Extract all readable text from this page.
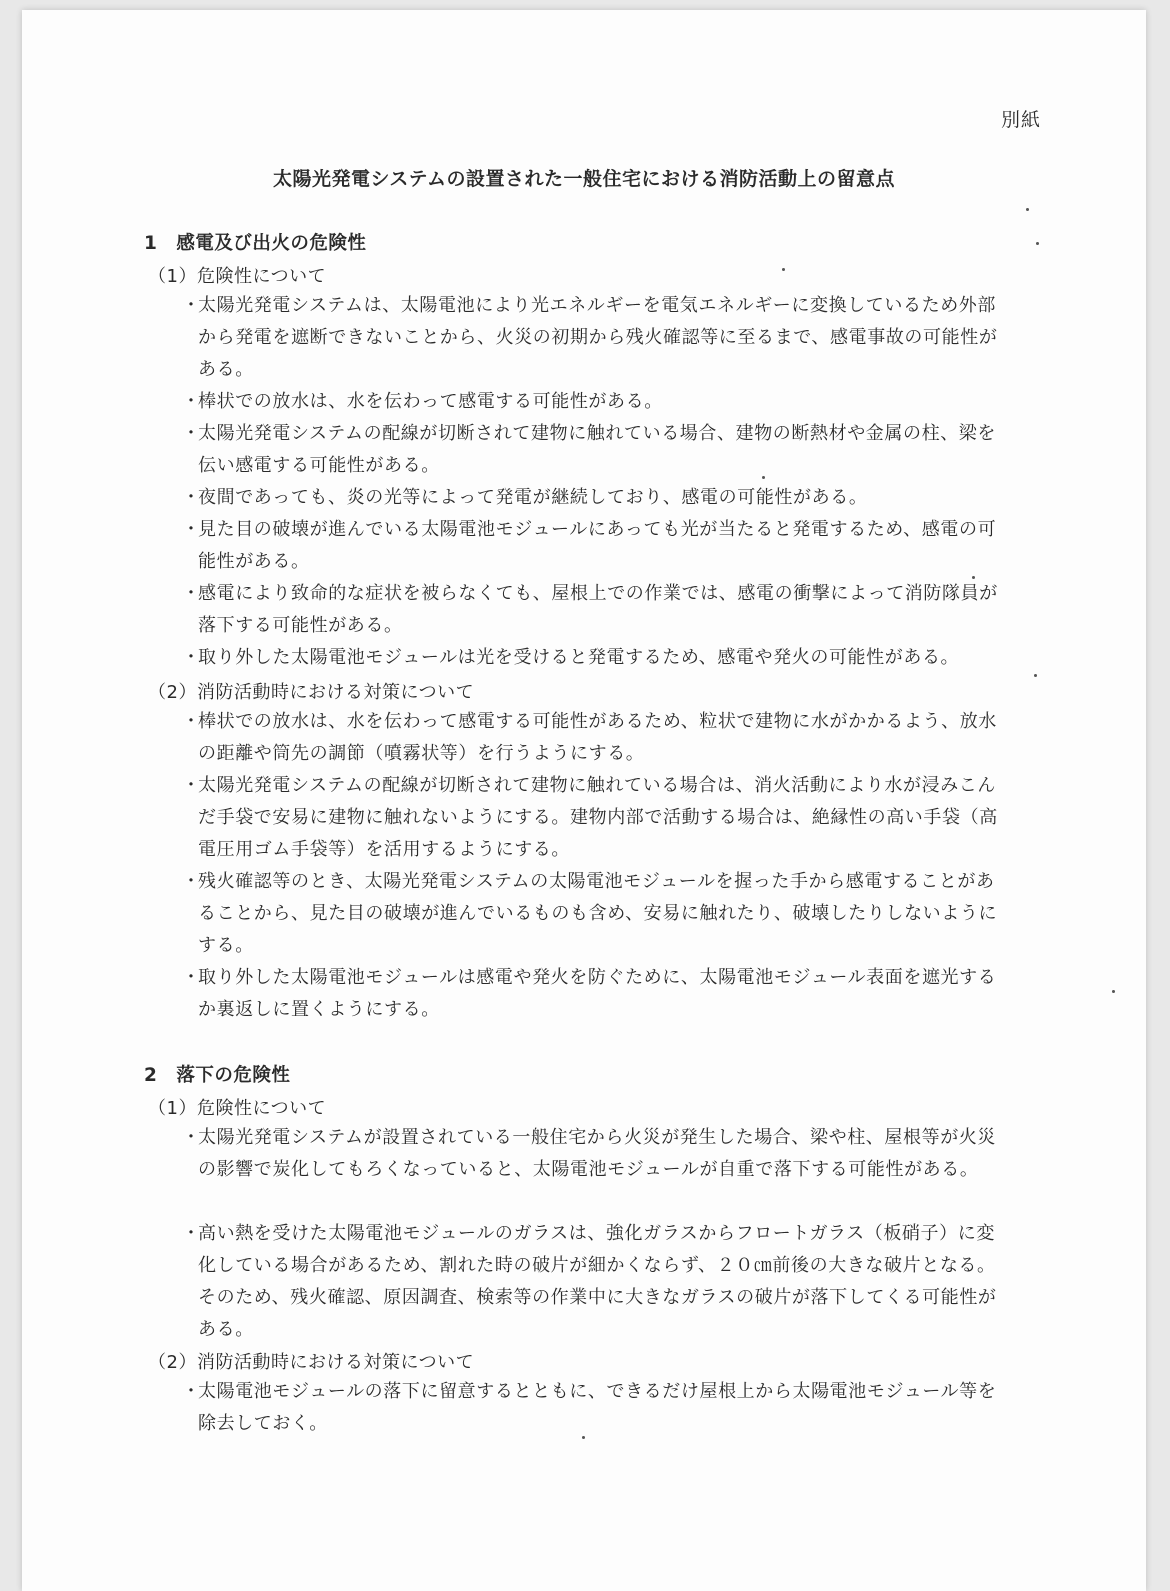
別紙
太陽光発電システムの設置された一般住宅における消防活動上の留意点
1　感電及び出火の危険性
（1）危険性について
・
太陽光発電システムは、太陽電池により光エネルギーを電気エネルギーに変換しているため外部から発電を遮断できないことから、火災の初期から残火確認等に至るまで、感電事故の可能性がある。
・
棒状での放水は、水を伝わって感電する可能性がある。
・
太陽光発電システムの配線が切断されて建物に触れている場合、建物の断熱材や金属の柱、梁を伝い感電する可能性がある。
・
夜間であっても、炎の光等によって発電が継続しており、感電の可能性がある。
・
見た目の破壊が進んでいる太陽電池モジュールにあっても光が当たると発電するため、感電の可能性がある。
・
感電により致命的な症状を被らなくても、屋根上での作業では、感電の衝撃によって消防隊員が落下する可能性がある。
・
取り外した太陽電池モジュールは光を受けると発電するため、感電や発火の可能性がある。
（2）消防活動時における対策について
・
棒状での放水は、水を伝わって感電する可能性があるため、粒状で建物に水がかかるよう、放水の距離や筒先の調節（噴霧状等）を行うようにする。
・
太陽光発電システムの配線が切断されて建物に触れている場合は、消火活動により水が浸みこんだ手袋で安易に建物に触れないようにする。建物内部で活動する場合は、絶縁性の高い手袋（高電圧用ゴム手袋等）を活用するようにする。
・
残火確認等のとき、太陽光発電システムの太陽電池モジュールを握った手から感電することがあることから、見た目の破壊が進んでいるものも含め、安易に触れたり、破壊したりしないようにする。
・
取り外した太陽電池モジュールは感電や発火を防ぐために、太陽電池モジュール表面を遮光するか裏返しに置くようにする。
2　落下の危険性
（1）危険性について
・
太陽光発電システムが設置されている一般住宅から火災が発生した場合、梁や柱、屋根等が火災の影響で炭化してもろくなっていると、太陽電池モジュールが自重で落下する可能性がある。
・
高い熱を受けた太陽電池モジュールのガラスは、強化ガラスからフロートガラス（板硝子）に変化している場合があるため、割れた時の破片が細かくならず、２０㎝前後の大きな破片となる。そのため、残火確認、原因調査、検索等の作業中に大きなガラスの破片が落下してくる可能性がある。
（2）消防活動時における対策について
・
太陽電池モジュールの落下に留意するとともに、できるだけ屋根上から太陽電池モジュール等を除去しておく。
